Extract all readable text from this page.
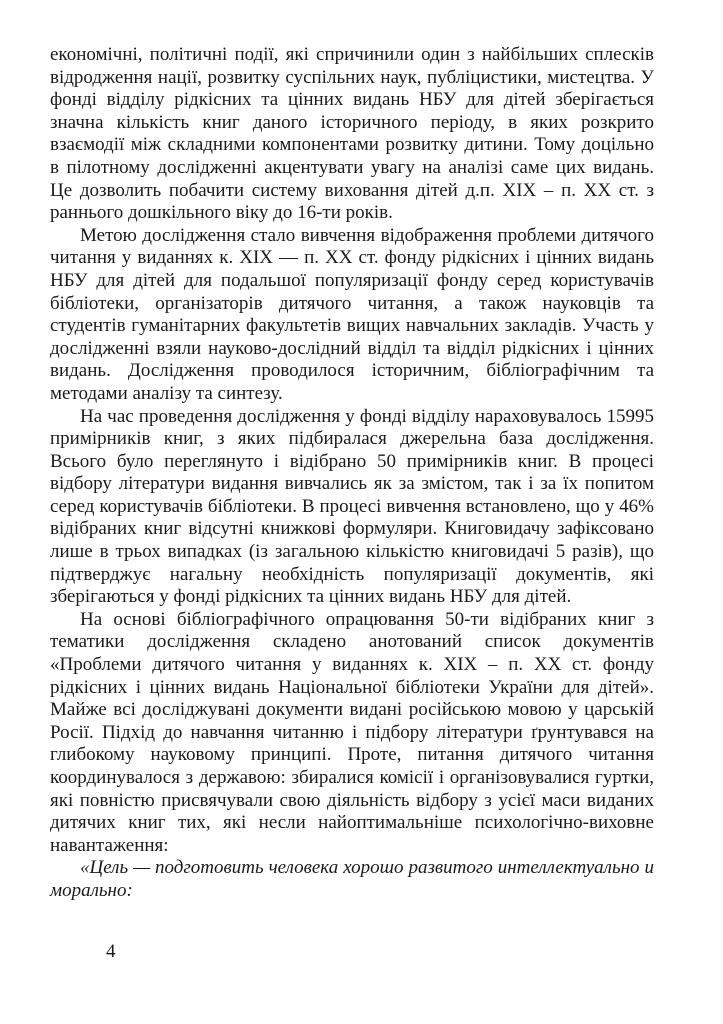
економічні, політичні події, які спричинили один з найбільших сплесків відродження нації, розвитку суспільних наук, публіцистики, мистецтва. У фонді відділу рідкісних та цінних видань НБУ для дітей зберігається значна кількість книг даного історичного періоду, в яких розкрито взаємодії між складними компонентами розвитку дитини. Тому доцільно в пілотному дослідженні акцентувати увагу на аналізі саме цих видань. Це дозволить побачити систему виховання дітей д.п. ХІХ – п. ХХ ст. з раннього дошкільного віку до 16-ти років.

Метою дослідження стало вивчення відображення проблеми дитячого читання у виданнях к. ХІХ — п. ХХ ст. фонду рідкісних і цінних видань НБУ для дітей для подальшої популяризації фонду серед користувачів бібліотеки, організаторів дитячого читання, а також науковців та студентів гуманітарних факультетів вищих навчальних закладів. Участь у дослідженні взяли науково-дослідний відділ та відділ рідкісних і цінних видань. Дослідження проводилося історичним, бібліографічним та методами аналізу та синтезу.

На час проведення дослідження у фонді відділу нараховувалось 15995 примірників книг, з яких підбиралася джерельна база дослідження. Всього було переглянуто і відібрано 50 примірників книг. В процесі відбору літератури видання вивчались як за змістом, так і за їх попитом серед користувачів бібліотеки. В процесі вивчення встановлено, що у 46% відібраних книг відсутні книжкові формуляри. Книговидачу зафіксовано лише в трьох випадках (із загальною кількістю книговидачі 5 разів), що підтверджує нагальну необхідність популяризації документів, які зберігаються у фонді рідкісних та цінних видань НБУ для дітей.

На основі бібліографічного опрацювання 50-ти відібраних книг з тематики дослідження складено анотований список документів «Проблеми дитячого читання у виданнях к. ХІХ – п. ХХ ст. фонду рідкісних і цінних видань Національної бібліотеки України для дітей». Майже всі досліджувані документи видані російською мовою у царській Росії. Підхід до навчання читанню і підбору літератури ґрунтувався на глибокому науковому принципі. Проте, питання дитячого читання координувалося з державою: збиралися комісії і організовувалися гуртки, які повністю присвячували свою діяльність відбору з усієї маси виданих дитячих книг тих, які несли найоптимальніше психологічно-виховне навантаження:

«Цель — подготовить человека хорошо развитого интеллектуально и морально:

4
